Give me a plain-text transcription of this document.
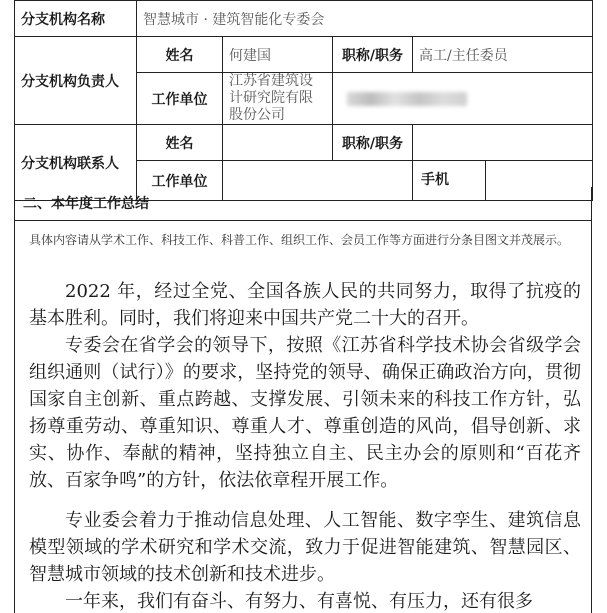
分支机构名称	智慧城市 · 建筑智能化专委会			
分支机构负责人	姓名	何建国	职称/职务	高工/主任委员
	工作单位	江苏省建筑设计研究院有限股份公司		
分支机构联系人	姓名		职称/职务	
	工作单位			手机
二、本年度工作总结

具体内容请从学术工作、科技工作、科普工作、组织工作、会员工作等方面进行分条目图文并茂展示。

2022 年，经过全党、全国各族人民的共同努力，取得了抗疫的基本胜利。同时，我们将迎来中国共产党二十大的召开。

专委会在省学会的领导下，按照《江苏省科学技术协会省级学会组织通则（试行）》的要求，坚持党的领导、确保正确政治方向，贯彻国家自主创新、重点跨越、支撑发展、引领未来的科技工作方针，弘扬尊重劳动、尊重知识、尊重人才、尊重创造的风尚，倡导创新、求实、协作、奉献的精神，坚持独立自主、民主办会的原则和“百花齐放、百家争鸣”的方针，依法依章程开展工作。

专业委会着力于推动信息处理、人工智能、数字孪生、建筑信息模型领域的学术研究和学术交流，致力于促进智能建筑、智慧园区、智慧城市领域的技术创新和技术进步。

一年来，我们有奋斗、有努力、有喜悦、有压力，还有很多
